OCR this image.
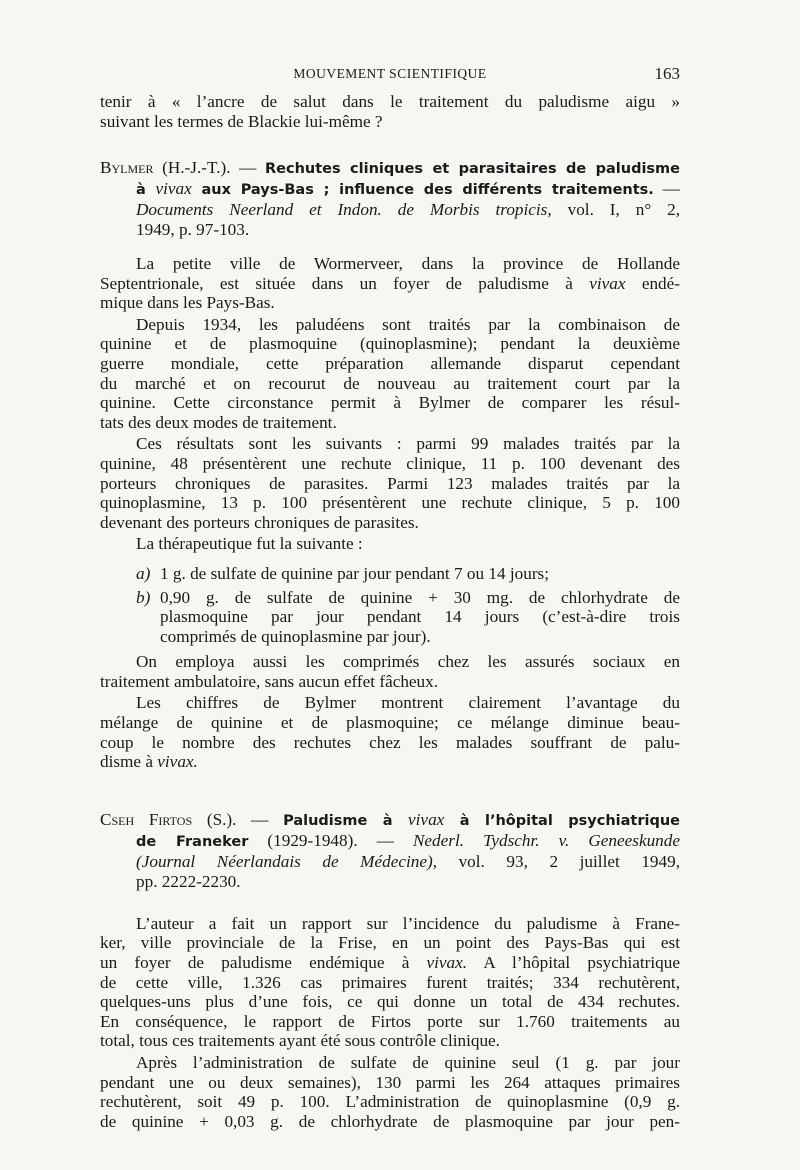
MOUVEMENT SCIENTIFIQUE	163
tenir à « l’ancre de salut dans le traitement du paludisme aigu »
suivant les termes de Blackie lui-même ?
Bylmer (H.-J.-T.). — Rechutes cliniques et parasitaires de paludisme
à vivax aux Pays-Bas ; influence des différents traitements. —
Documents Neerland et Indon. de Morbis tropicis, vol. I, n° 2,
1949, p. 97-103.
La petite ville de Wormerveer, dans la province de Hollande
Septentrionale, est située dans un foyer de paludisme à vivax endé-
mique dans les Pays-Bas.
Depuis 1934, les paludéens sont traités par la combinaison de
quinine et de plasmoquine (quinoplasmine); pendant la deuxième
guerre mondiale, cette préparation allemande disparut cependant
du marché et on recourut de nouveau au traitement court par la
quinine. Cette circonstance permit à Bylmer de comparer les résul-
tats des deux modes de traitement.
Ces résultats sont les suivants : parmi 99 malades traités par la
quinine, 48 présentèrent une rechute clinique, 11 p. 100 devenant des
porteurs chroniques de parasites. Parmi 123 malades traités par la
quinoplasmine, 13 p. 100 présentèrent une rechute clinique, 5 p. 100
devenant des porteurs chroniques de parasites.
La thérapeutique fut la suivante :
a) 1 g. de sulfate de quinine par jour pendant 7 ou 14 jours;
b) 0,90 g. de sulfate de quinine + 30 mg. de chlorhydrate de
plasmoquine par jour pendant 14 jours (c’est-à-dire trois
comprimés de quinoplasmine par jour).
On employa aussi les comprimés chez les assurés sociaux en
traitement ambulatoire, sans aucun effet fâcheux.
Les chiffres de Bylmer montrent clairement l’avantage du
mélange de quinine et de plasmoquine; ce mélange diminue beau-
coup le nombre des rechutes chez les malades souffrant de palu-
disme à vivax.
Cseh Firtos (S.). — Paludisme à vivax à l’hôpital psychiatrique
de Franeker (1929-1948). — Nederl. Tydschr. v. Geneeskunde
(Journal Néerlandais de Médecine), vol. 93, 2 juillet 1949,
pp. 2222-2230.
L’auteur a fait un rapport sur l’incidence du paludisme à Frane-
ker, ville provinciale de la Frise, en un point des Pays-Bas qui est
un foyer de paludisme endémique à vivax. A l’hôpital psychiatrique
de cette ville, 1.326 cas primaires furent traités; 334 rechutèrent,
quelques-uns plus d’une fois, ce qui donne un total de 434 rechutes.
En conséquence, le rapport de Firtos porte sur 1.760 traitements au
total, tous ces traitements ayant été sous contrôle clinique.
Après l’administration de sulfate de quinine seul (1 g. par jour
pendant une ou deux semaines), 130 parmi les 264 attaques primaires
rechutèrent, soit 49 p. 100. L’administration de quinoplasmine (0,9 g.
de quinine + 0,03 g. de chlorhydrate de plasmoquine par jour pen-
